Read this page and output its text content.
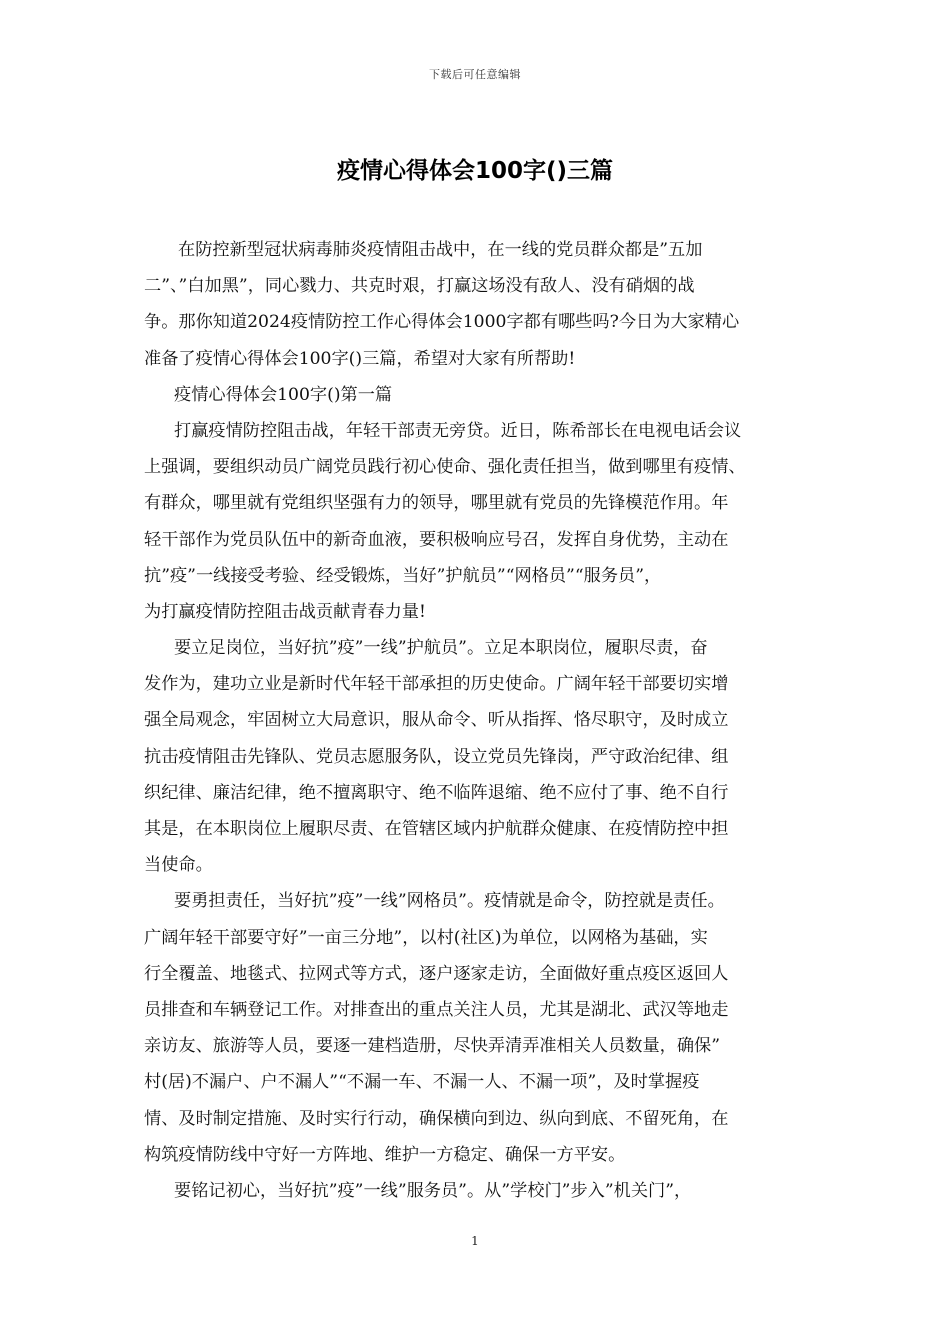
下载后可任意编辑
疫情心得体会100字()三篇
在防控新型冠状病毒肺炎疫情阻击战中，在一线的党员群众都是”五加
二”、”白加黑”，同心戮力、共克时艰，打赢这场没有敌人、没有硝烟的战
争。那你知道2024疫情防控工作心得体会1000字都有哪些吗?今日为大家精心
准备了疫情心得体会100字()三篇，希望对大家有所帮助!
疫情心得体会100字()第一篇
打赢疫情防控阻击战，年轻干部责无旁贷。近日，陈希部长在电视电话会议
上强调，要组织动员广阔党员践行初心使命、强化责任担当，做到哪里有疫情、
有群众，哪里就有党组织坚强有力的领导，哪里就有党员的先锋模范作用。年
轻干部作为党员队伍中的新奇血液，要积极响应号召，发挥自身优势，主动在
抗”疫”一线接受考验、经受锻炼，当好”护航员”“网格员”“服务员”，
为打赢疫情防控阻击战贡献青春力量!
要立足岗位，当好抗”疫”一线”护航员”。立足本职岗位，履职尽责，奋
发作为，建功立业是新时代年轻干部承担的历史使命。广阔年轻干部要切实增
强全局观念，牢固树立大局意识，服从命令、听从指挥、恪尽职守，及时成立
抗击疫情阻击先锋队、党员志愿服务队，设立党员先锋岗，严守政治纪律、组
织纪律、廉洁纪律，绝不擅离职守、绝不临阵退缩、绝不应付了事、绝不自行
其是，在本职岗位上履职尽责、在管辖区域内护航群众健康、在疫情防控中担
当使命。
要勇担责任，当好抗”疫”一线”网格员”。疫情就是命令，防控就是责任。
广阔年轻干部要守好”一亩三分地”，以村(社区)为单位，以网格为基础，实
行全覆盖、地毯式、拉网式等方式，逐户逐家走访，全面做好重点疫区返回人
员排查和车辆登记工作。对排查出的重点关注人员，尤其是湖北、武汉等地走
亲访友、旅游等人员，要逐一建档造册，尽快弄清弄准相关人员数量，确保”
村(居)不漏户、户不漏人”“不漏一车、不漏一人、不漏一项”，及时掌握疫
情、及时制定措施、及时实行行动，确保横向到边、纵向到底、不留死角，在
构筑疫情防线中守好一方阵地、维护一方稳定、确保一方平安。
要铭记初心，当好抗”疫”一线”服务员”。从”学校门”步入”机关门”，
1
